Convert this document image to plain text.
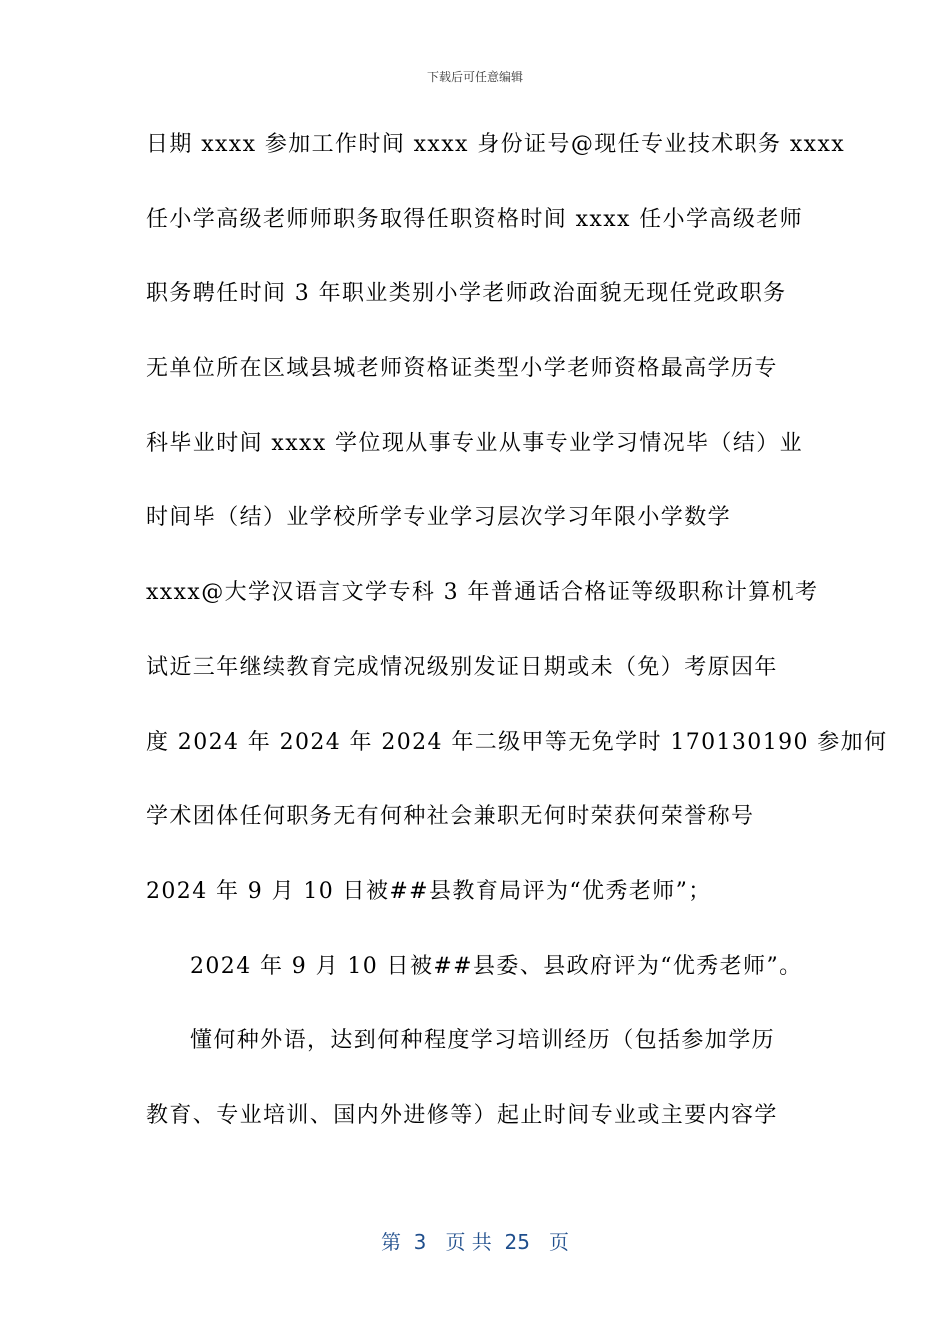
下载后可任意编辑
日期 xxxx 参加工作时间 xxxx 身份证号@现任专业技术职务 xxxx
任小学高级老师师职务取得任职资格时间 xxxx 任小学高级老师
职务聘任时间 3 年职业类别小学老师政治面貌无现任党政职务
无单位所在区域县城老师资格证类型小学老师资格最高学历专
科毕业时间 xxxx 学位现从事专业从事专业学习情况毕（结）业
时间毕（结）业学校所学专业学习层次学习年限小学数学
xxxx@大学汉语言文学专科 3 年普通话合格证等级职称计算机考
试近三年继续教育完成情况级别发证日期或未（免）考原因年
度 2024 年 2024 年 2024 年二级甲等无免学时 170130190 参加何
学术团体任何职务无有何种社会兼职无何时荣获何荣誉称号
2024 年 9 月 10 日被##县教育局评为“优秀老师”；
2024 年 9 月 10 日被##县委、县政府评为“优秀老师”。
懂何种外语，达到何种程度学习培训经历（包括参加学历
教育、专业培训、国内外进修等）起止时间专业或主要内容学
第  3   页 共  25   页
